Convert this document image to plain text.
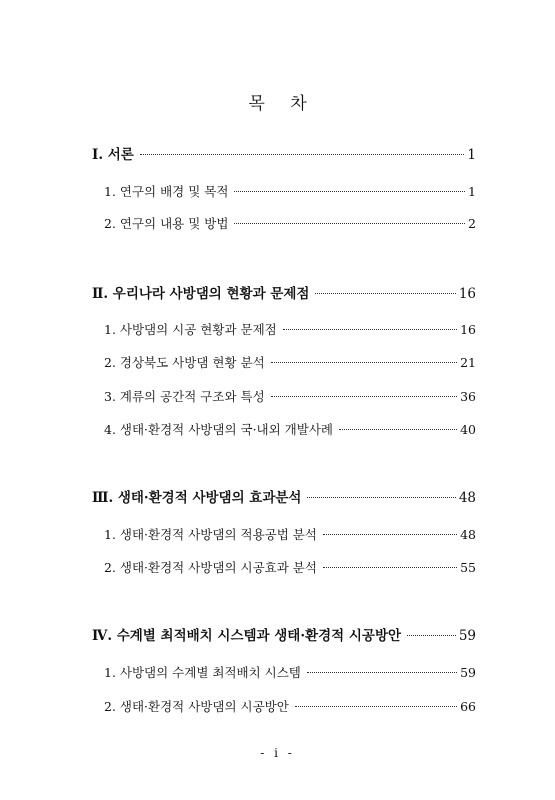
목 차
Ⅰ. 서론	1
1. 연구의 배경 및 목적	1
2. 연구의 내용 및 방법	2
Ⅱ. 우리나라 사방댐의 현황과 문제점	16
1. 사방댐의 시공 현황과 문제점	16
2. 경상북도 사방댐 현황 분석	21
3. 계류의 공간적 구조와 특성	36
4. 생태·환경적 사방댐의 국·내외 개발사례	40
Ⅲ. 생태·환경적 사방댐의 효과분석	48
1. 생태·환경적 사방댐의 적용공법 분석	48
2. 생태·환경적 사방댐의 시공효과 분석	55
Ⅳ. 수계별 최적배치 시스템과 생태·환경적 시공방안	59
1. 사방댐의 수계별 최적배치 시스템	59
2. 생태·환경적 사방댐의 시공방안	66
- ⅰ -
